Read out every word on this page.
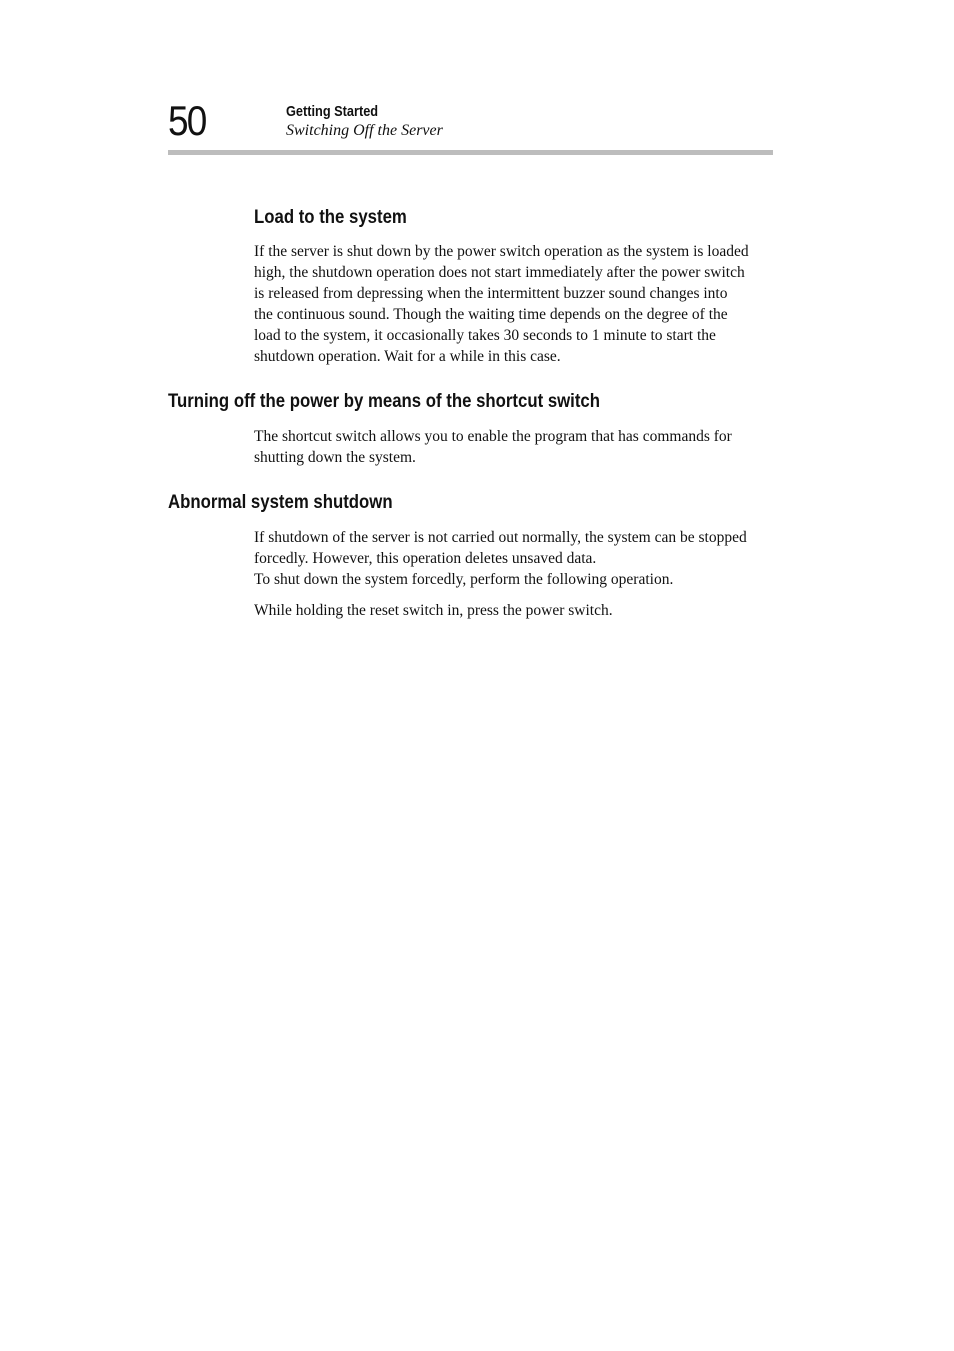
50	Getting Started
Switching Off the Server
Load to the system

If the server is shut down by the power switch operation as the system is loaded
high, the shutdown operation does not start immediately after the power switch
is released from depressing when the intermittent buzzer sound changes into
the continuous sound. Though the waiting time depends on the degree of the
load to the system, it occasionally takes 30 seconds to 1 minute to start the
shutdown operation. Wait for a while in this case.

Turning off the power by means of the shortcut switch

The shortcut switch allows you to enable the program that has commands for
shutting down the system.

Abnormal system shutdown

If shutdown of the server is not carried out normally, the system can be stopped
forcedly. However, this operation deletes unsaved data.
To shut down the system forcedly, perform the following operation.

While holding the reset switch in, press the power switch.
